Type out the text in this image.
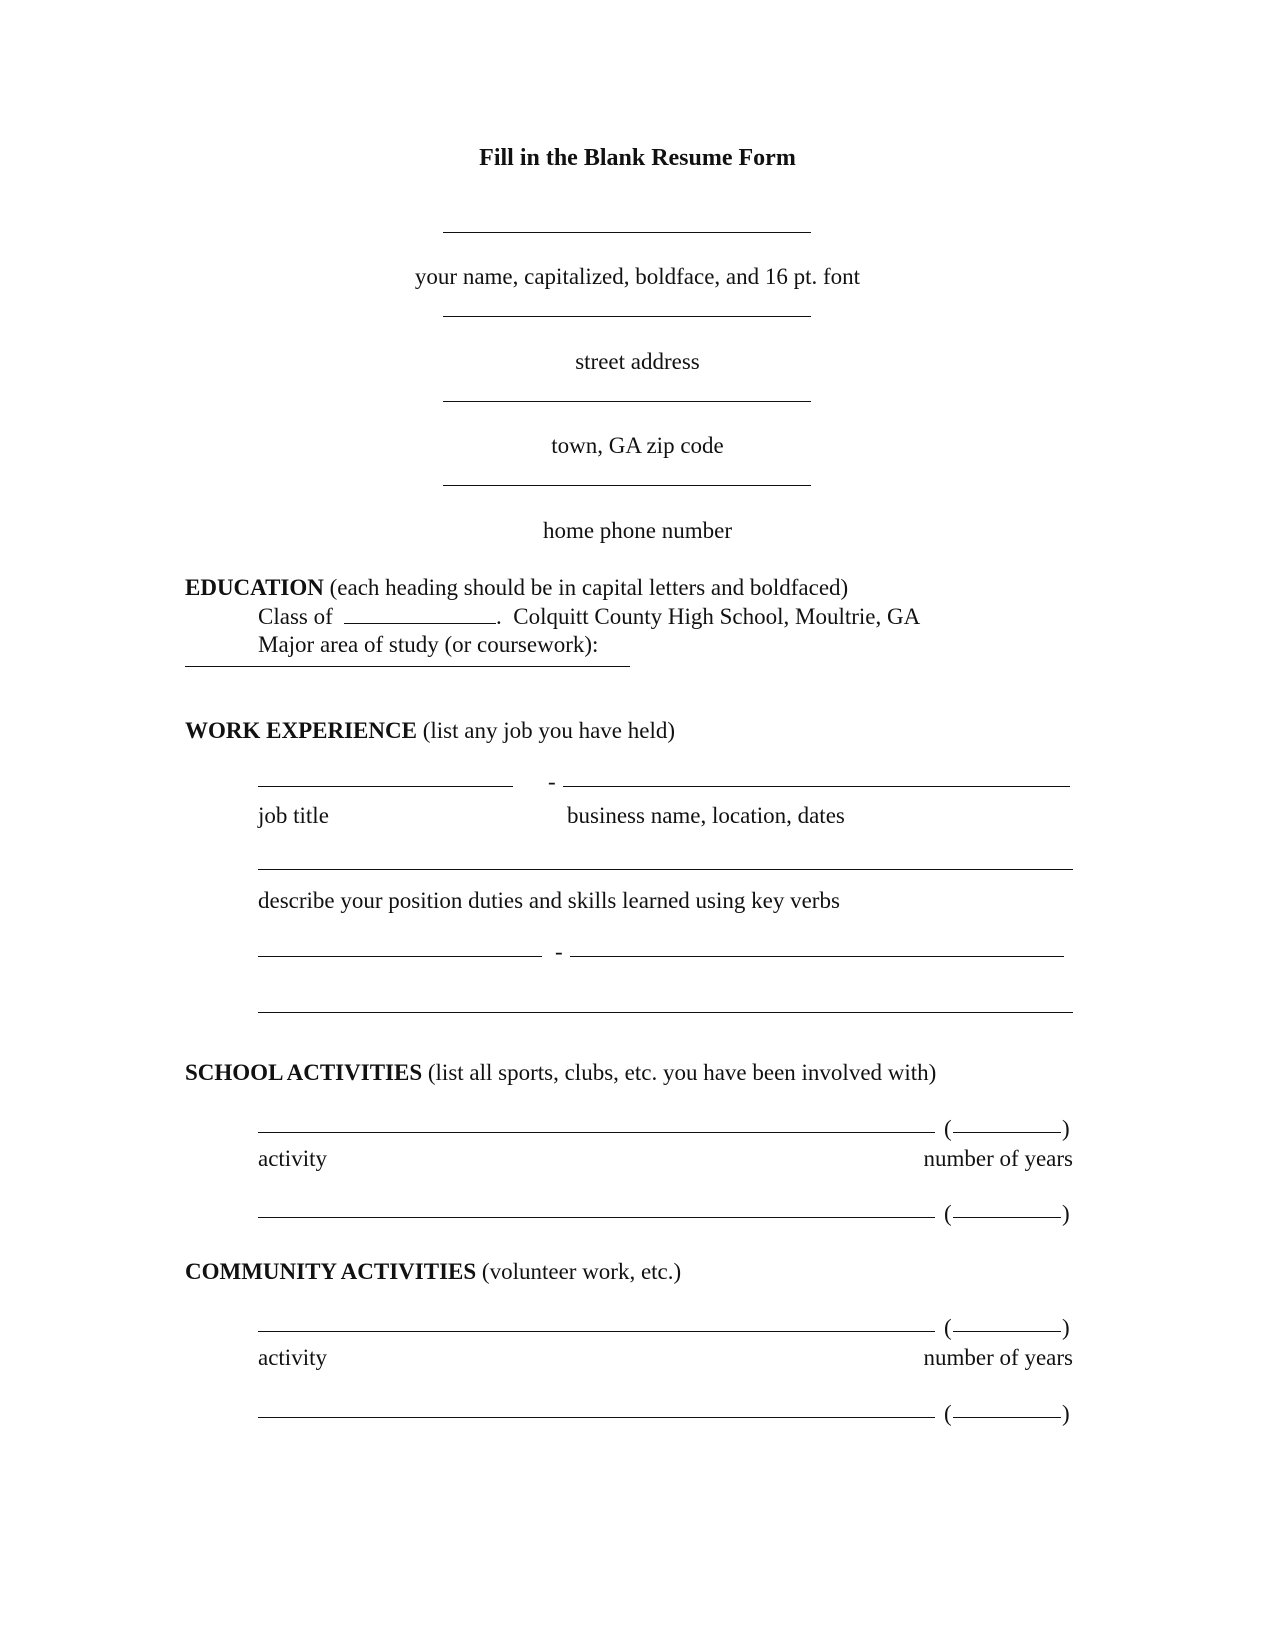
Fill in the Blank Resume Form
your name, capitalized, boldface, and 16 pt. font
street address
town, GA zip code
home phone number
EDUCATION (each heading should be in capital letters and boldfaced)
Class of	.  Colquitt County High School, Moultrie, GA
Major area of study (or coursework):
WORK EXPERIENCE (list any job you have held)
-
job title	business name, location, dates
describe your position duties and skills learned using key verbs
-
SCHOOL ACTIVITIES (list all sports, clubs, etc. you have been involved with)
(	)
activity	number of years
(	)
COMMUNITY ACTIVITIES (volunteer work, etc.)
(	)
activity	number of years
(	)
